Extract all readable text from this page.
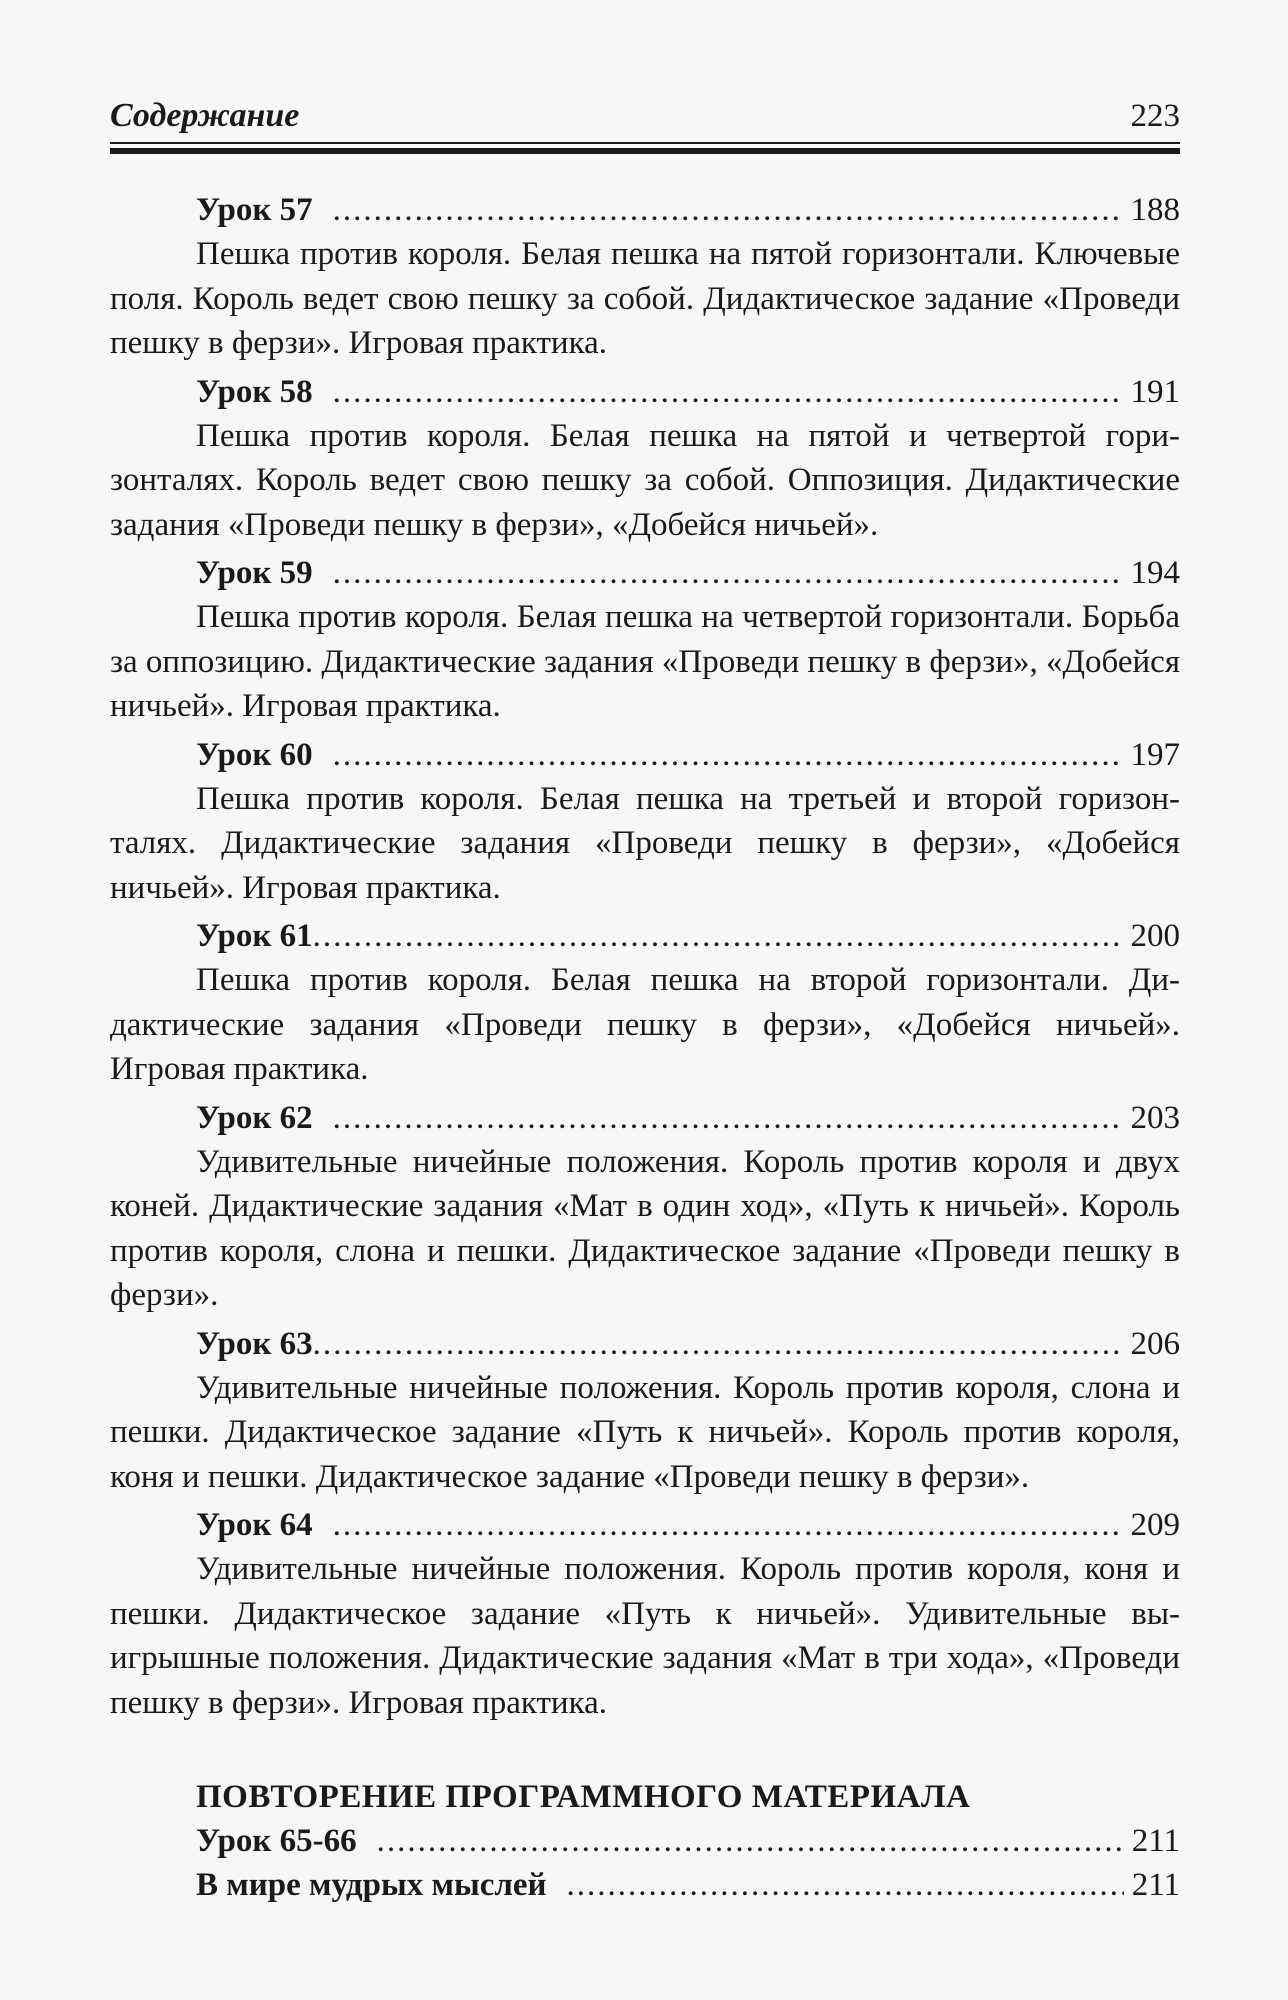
Содержание	223
Урок 57 .....	188

Пешка против короля. Белая пешка на пятой горизонтали. Ключевые поля. Король ведет свою пешку за собой. Дидактическое задание «Проведи пешку в ферзи». Игровая практика.

Урок 58 .....	191

Пешка против короля. Белая пешка на пятой и четвертой горизонталях. Король ведет свою пешку за собой. Оппозиция. Дидактические задания «Проведи пешку в ферзи», «Добейся ничьей».

Урок 59 .....	194

Пешка против короля. Белая пешка на четвертой горизонтали. Борьба за оппозицию. Дидактические задания «Проведи пешку в ферзи», «Добейся ничьей». Игровая практика.

Урок 60 .....	197

Пешка против короля. Белая пешка на третьей и второй горизонталях. Дидактические задания «Проведи пешку в ферзи», «Добейся ничьей». Игровая практика.

Урок 61 .....	200

Пешка против короля. Белая пешка на второй горизонтали. Дидактические задания «Проведи пешку в ферзи», «Добейся ничьей». Игровая практика.

Урок 62 .....	203

Удивительные ничейные положения. Король против короля и двух коней. Дидактические задания «Мат в один ход», «Путь к ничьей». Король против короля, слона и пешки. Дидактическое задание «Проведи пешку в ферзи».

Урок 63 .....	206

Удивительные ничейные положения. Король против короля, слона и пешки. Дидактическое задание «Путь к ничьей». Король против короля, коня и пешки. Дидактическое задание «Проведи пешку в ферзи».

Урок 64 .....	209

Удивительные ничейные положения. Король против короля, коня и пешки. Дидактическое задание «Путь к ничьей». Удивительные выигрышные положения. Дидактические задания «Мат в три хода», «Проведи пешку в ферзи». Игровая практика.

ПОВТОРЕНИЕ ПРОГРАММНОГО МАТЕРИАЛА
Урок 65-66 .....	211
В мире мудрых мыслей .....	211
